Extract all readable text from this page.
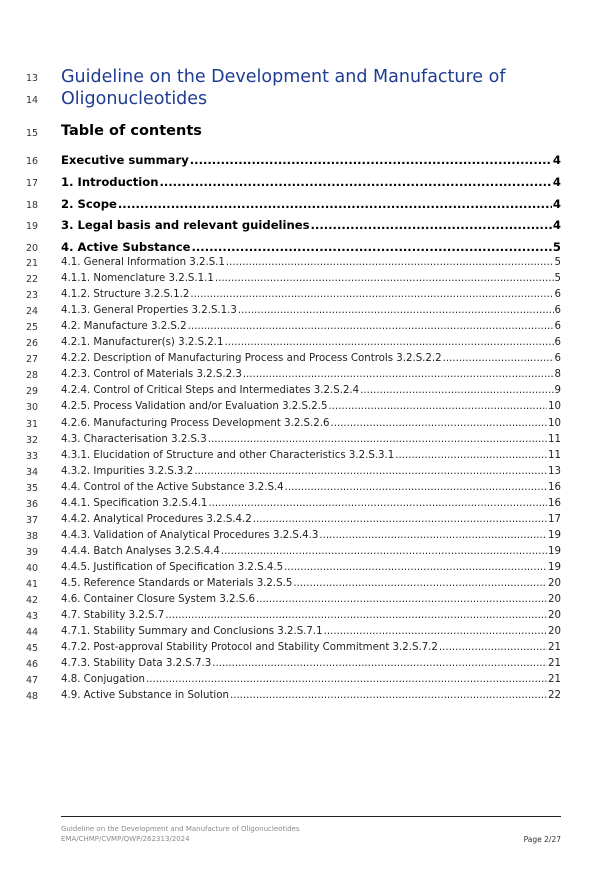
13
14
Guideline on the Development and Manufacture of
Oligonucleotides
15	Table of contents
16	Executive summary .....	4
17	1. Introduction .....	4
18	2. Scope .....	4
19	3. Legal basis and relevant guidelines .....	4
20	4. Active Substance .....	5
21	4.1. General Information 3.2.S.1 .....	5
22	4.1.1. Nomenclature 3.2.S.1.1 .....	5
23	4.1.2. Structure 3.2.S.1.2 .....	6
24	4.1.3. General Properties 3.2.S.1.3 .....	6
25	4.2. Manufacture 3.2.S.2 .....	6
26	4.2.1. Manufacturer(s) 3.2.S.2.1 .....	6
27	4.2.2. Description of Manufacturing Process and Process Controls 3.2.S.2.2 .....	6
28	4.2.3. Control of Materials 3.2.S.2.3 .....	8
29	4.2.4. Control of Critical Steps and Intermediates 3.2.S.2.4 .....	9
30	4.2.5. Process Validation and/or Evaluation 3.2.S.2.5 .....	10
31	4.2.6. Manufacturing Process Development 3.2.S.2.6 .....	10
32	4.3. Characterisation 3.2.S.3 .....	11
33	4.3.1. Elucidation of Structure and other Characteristics 3.2.S.3.1 .....	11
34	4.3.2. Impurities 3.2.S.3.2 .....	13
35	4.4. Control of the Active Substance 3.2.S.4 .....	16
36	4.4.1. Specification 3.2.S.4.1 .....	16
37	4.4.2. Analytical Procedures 3.2.S.4.2 .....	17
38	4.4.3. Validation of Analytical Procedures 3.2.S.4.3 .....	19
39	4.4.4. Batch Analyses 3.2.S.4.4 .....	19
40	4.4.5. Justification of Specification 3.2.S.4.5 .....	19
41	4.5. Reference Standards or Materials 3.2.S.5 .....	20
42	4.6. Container Closure System 3.2.S.6 .....	20
43	4.7. Stability 3.2.S.7 .....	20
44	4.7.1. Stability Summary and Conclusions 3.2.S.7.1 .....	20
45	4.7.2. Post-approval Stability Protocol and Stability Commitment 3.2.S.7.2 .....	21
46	4.7.3. Stability Data 3.2.S.7.3 .....	21
47	4.8. Conjugation .....	21
48	4.9. Active Substance in Solution .....	22
Guideline on the Development and Manufacture of Oligonucleotides
EMA/CHMP/CVMP/QWP/262313/2024	Page 2/27
